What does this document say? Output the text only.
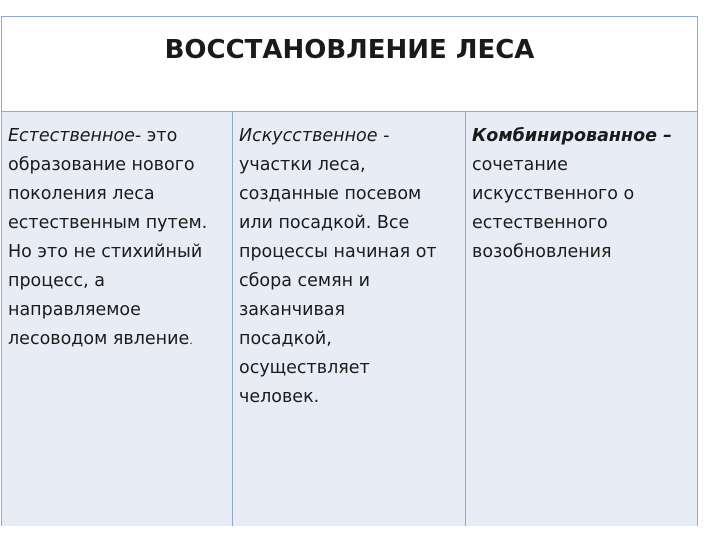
ВОССТАНОВЛЕНИЕ ЛЕСА
Естественное- это
образование нового
поколения леса
естественным путем.
Но это не стихийный
процесс, а
направляемое
лесоводом явление.
Искусственное -
участки леса,
созданные посевом
или посадкой. Все
процессы начиная от
сбора семян и
заканчивая
посадкой,
осуществляет
человек.
Комбинированное –
сочетание
искусственного о
естественного
возобновления
